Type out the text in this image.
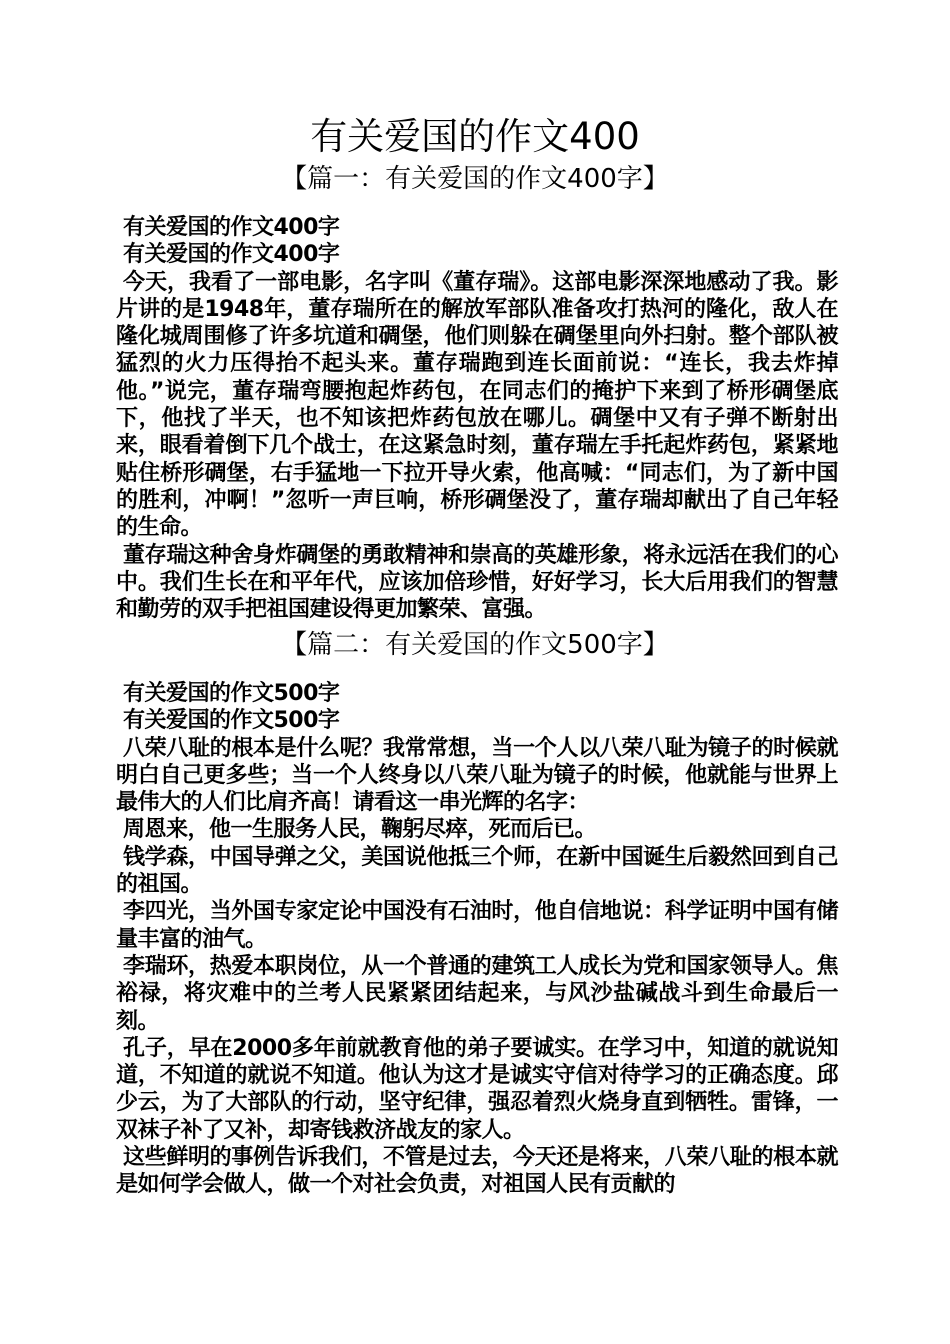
有关爱国的作文400
【篇一：有关爱国的作文400字】

有关爱国的作文400字

有关爱国的作文400字

今天，我看了一部电影，名字叫《董存瑞》。这部电影深深地感动了我。影片讲的是1948年，董存瑞所在的解放军部队准备攻打热河的隆化，敌人在隆化城周围修了许多坑道和碉堡，他们则躲在碉堡里向外扫射。整个部队被猛烈的火力压得抬不起头来。董存瑞跑到连长面前说：“连长，我去炸掉他。”说完，董存瑞弯腰抱起炸药包，在同志们的掩护下来到了桥形碉堡底下，他找了半天，也不知该把炸药包放在哪儿。碉堡中又有子弹不断射出来，眼看着倒下几个战士，在这紧急时刻，董存瑞左手托起炸药包，紧紧地贴住桥形碉堡，右手猛地一下拉开导火索，他高喊：“同志们，为了新中国的胜利，冲啊！”忽听一声巨响，桥形碉堡没了，董存瑞却献出了自己年轻的生命。

董存瑞这种舍身炸碉堡的勇敢精神和崇高的英雄形象，将永远活在我们的心中。我们生长在和平年代，应该加倍珍惜，好好学习，长大后用我们的智慧和勤劳的双手把祖国建设得更加繁荣、富强。

【篇二：有关爱国的作文500字】

有关爱国的作文500字

有关爱国的作文500字

八荣八耻的根本是什么呢？我常常想，当一个人以八荣八耻为镜子的时候就明白自己更多些；当一个人终身以八荣八耻为镜子的时候，他就能与世界上最伟大的人们比肩齐高！请看这一串光辉的名字：

周恩来，他一生服务人民，鞠躬尽瘁，死而后已。

钱学森，中国导弹之父，美国说他抵三个师，在新中国诞生后毅然回到自己的祖国。

李四光，当外国专家定论中国没有石油时，他自信地说：科学证明中国有储量丰富的油气。

李瑞环，热爱本职岗位，从一个普通的建筑工人成长为党和国家领导人。焦裕禄，将灾难中的兰考人民紧紧团结起来，与风沙盐碱战斗到生命最后一刻。

孔子，早在2000多年前就教育他的弟子要诚实。在学习中，知道的就说知道，不知道的就说不知道。他认为这才是诚实守信对待学习的正确态度。邱少云，为了大部队的行动，坚守纪律，强忍着烈火烧身直到牺牲。雷锋，一双袜子补了又补，却寄钱救济战友的家人。

这些鲜明的事例告诉我们，不管是过去，今天还是将来，八荣八耻的根本就是如何学会做人，做一个对社会负责，对祖国人民有贡献的
